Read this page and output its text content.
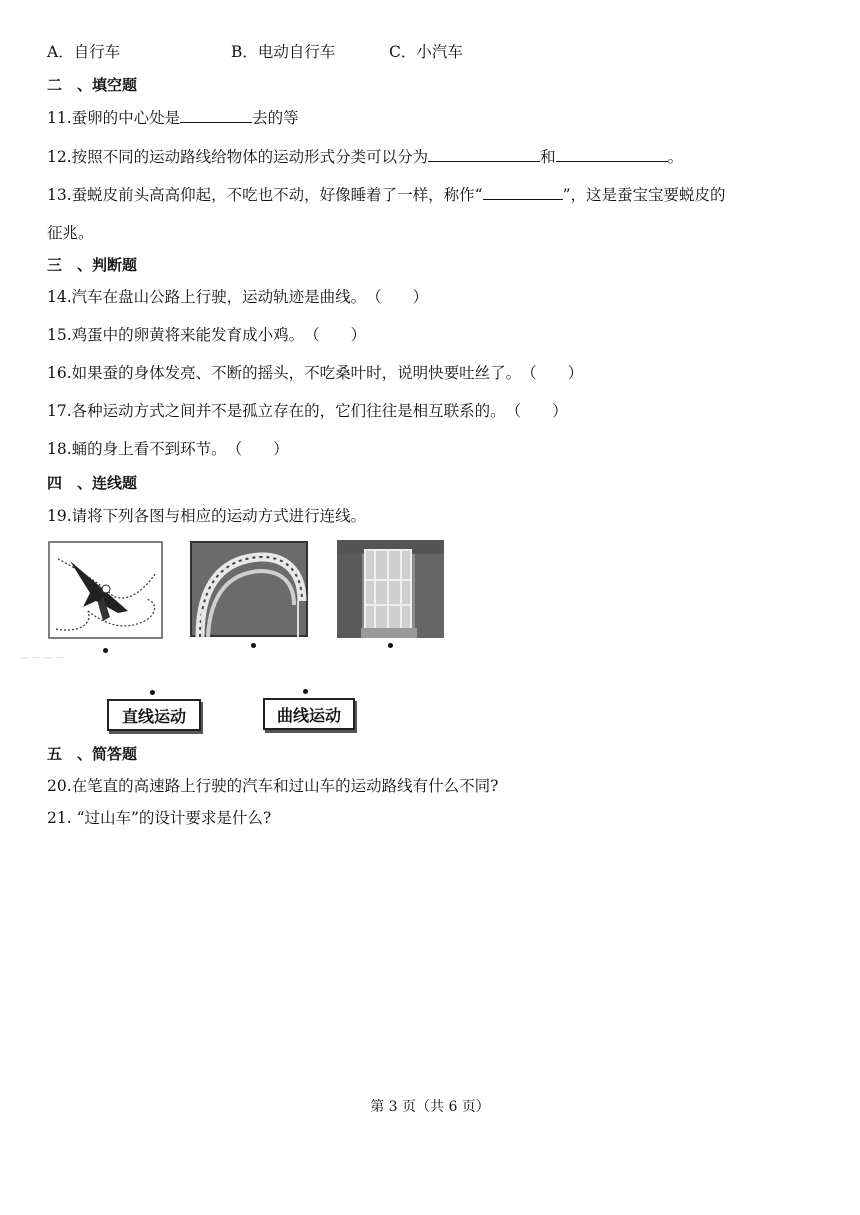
A．自行车	B．电动自行车	C．小汽车
二　、填空题
11.蚕卵的中心处是	去的等
12.按照不同的运动路线给物体的运动形式分类可以分为	和	。
13.蚕蜕皮前头高高仰起，不吃也不动，好像睡着了一样，称作“	”，这是蚕宝宝要蜕皮的
征兆。
三　、判断题
14.汽车在盘山公路上行驶，运动轨迹是曲线。（　　）
15.鸡蛋中的卵黄将来能发育成小鸡。（　　）
16.如果蚕的身体发亮、不断的摇头，不吃桑叶时，说明快要吐丝了。（　　）
17.各种运动方式之间并不是孤立存在的，它们往往是相互联系的。（　　）
18.蛹的身上看不到环节。（　　）
四　、连线题
19.请将下列各图与相应的运动方式进行连线。
— — — —
直线运动	曲线运动
五　、简答题
20.在笔直的高速路上行驶的汽车和过山车的运动路线有什么不同?
21. “过山车”的设计要求是什么?
第 3 页（共 6 页）
